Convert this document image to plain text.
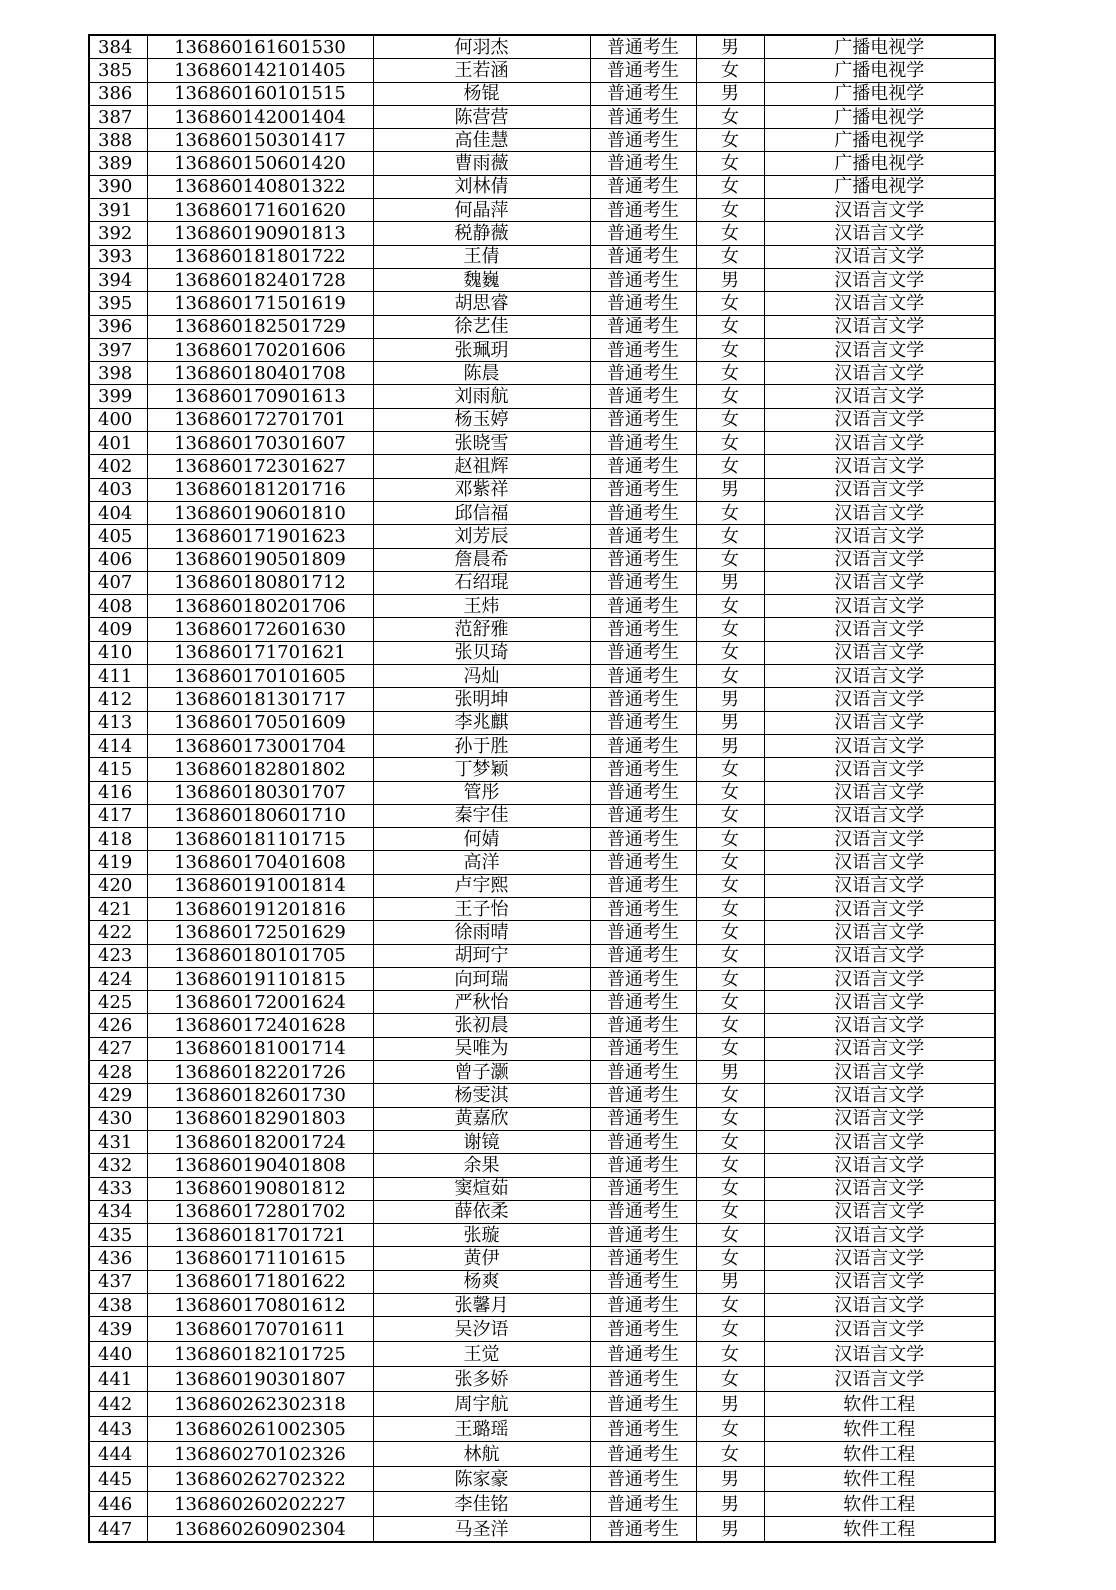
384	136860161601530	何羽杰	普通考生	男	广播电视学
385	136860142101405	王若涵	普通考生	女	广播电视学
386	136860160101515	杨锟	普通考生	男	广播电视学
387	136860142001404	陈营营	普通考生	女	广播电视学
388	136860150301417	高佳慧	普通考生	女	广播电视学
389	136860150601420	曹雨薇	普通考生	女	广播电视学
390	136860140801322	刘林倩	普通考生	女	广播电视学
391	136860171601620	何晶萍	普通考生	女	汉语言文学
392	136860190901813	税静薇	普通考生	女	汉语言文学
393	136860181801722	王倩	普通考生	女	汉语言文学
394	136860182401728	魏巍	普通考生	男	汉语言文学
395	136860171501619	胡思睿	普通考生	女	汉语言文学
396	136860182501729	徐艺佳	普通考生	女	汉语言文学
397	136860170201606	张珮玥	普通考生	女	汉语言文学
398	136860180401708	陈晨	普通考生	女	汉语言文学
399	136860170901613	刘雨航	普通考生	女	汉语言文学
400	136860172701701	杨玉婷	普通考生	女	汉语言文学
401	136860170301607	张晓雪	普通考生	女	汉语言文学
402	136860172301627	赵祖辉	普通考生	女	汉语言文学
403	136860181201716	邓紫祥	普通考生	男	汉语言文学
404	136860190601810	邱信福	普通考生	女	汉语言文学
405	136860171901623	刘芳辰	普通考生	女	汉语言文学
406	136860190501809	詹晨希	普通考生	女	汉语言文学
407	136860180801712	石绍琨	普通考生	男	汉语言文学
408	136860180201706	王炜	普通考生	女	汉语言文学
409	136860172601630	范舒雅	普通考生	女	汉语言文学
410	136860171701621	张贝琦	普通考生	女	汉语言文学
411	136860170101605	冯灿	普通考生	女	汉语言文学
412	136860181301717	张明坤	普通考生	男	汉语言文学
413	136860170501609	李兆麒	普通考生	男	汉语言文学
414	136860173001704	孙于胜	普通考生	男	汉语言文学
415	136860182801802	丁梦颖	普通考生	女	汉语言文学
416	136860180301707	管彤	普通考生	女	汉语言文学
417	136860180601710	秦宇佳	普通考生	女	汉语言文学
418	136860181101715	何婧	普通考生	女	汉语言文学
419	136860170401608	高洋	普通考生	女	汉语言文学
420	136860191001814	卢宇熙	普通考生	女	汉语言文学
421	136860191201816	王子怡	普通考生	女	汉语言文学
422	136860172501629	徐雨晴	普通考生	女	汉语言文学
423	136860180101705	胡珂宁	普通考生	女	汉语言文学
424	136860191101815	向珂瑞	普通考生	女	汉语言文学
425	136860172001624	严秋怡	普通考生	女	汉语言文学
426	136860172401628	张初晨	普通考生	女	汉语言文学
427	136860181001714	吴唯为	普通考生	女	汉语言文学
428	136860182201726	曾子灏	普通考生	男	汉语言文学
429	136860182601730	杨雯淇	普通考生	女	汉语言文学
430	136860182901803	黄嘉欣	普通考生	女	汉语言文学
431	136860182001724	谢镜	普通考生	女	汉语言文学
432	136860190401808	余果	普通考生	女	汉语言文学
433	136860190801812	窦煊茹	普通考生	女	汉语言文学
434	136860172801702	薛依柔	普通考生	女	汉语言文学
435	136860181701721	张璇	普通考生	女	汉语言文学
436	136860171101615	黄伊	普通考生	女	汉语言文学
437	136860171801622	杨爽	普通考生	男	汉语言文学
438	136860170801612	张馨月	普通考生	女	汉语言文学
439	136860170701611	吴汐语	普通考生	女	汉语言文学
440	136860182101725	王觉	普通考生	女	汉语言文学
441	136860190301807	张多娇	普通考生	女	汉语言文学
442	136860262302318	周宇航	普通考生	男	软件工程
443	136860261002305	王璐瑶	普通考生	女	软件工程
444	136860270102326	林航	普通考生	女	软件工程
445	136860262702322	陈家豪	普通考生	男	软件工程
446	136860260202227	李佳铭	普通考生	男	软件工程
447	136860260902304	马圣洋	普通考生	男	软件工程
